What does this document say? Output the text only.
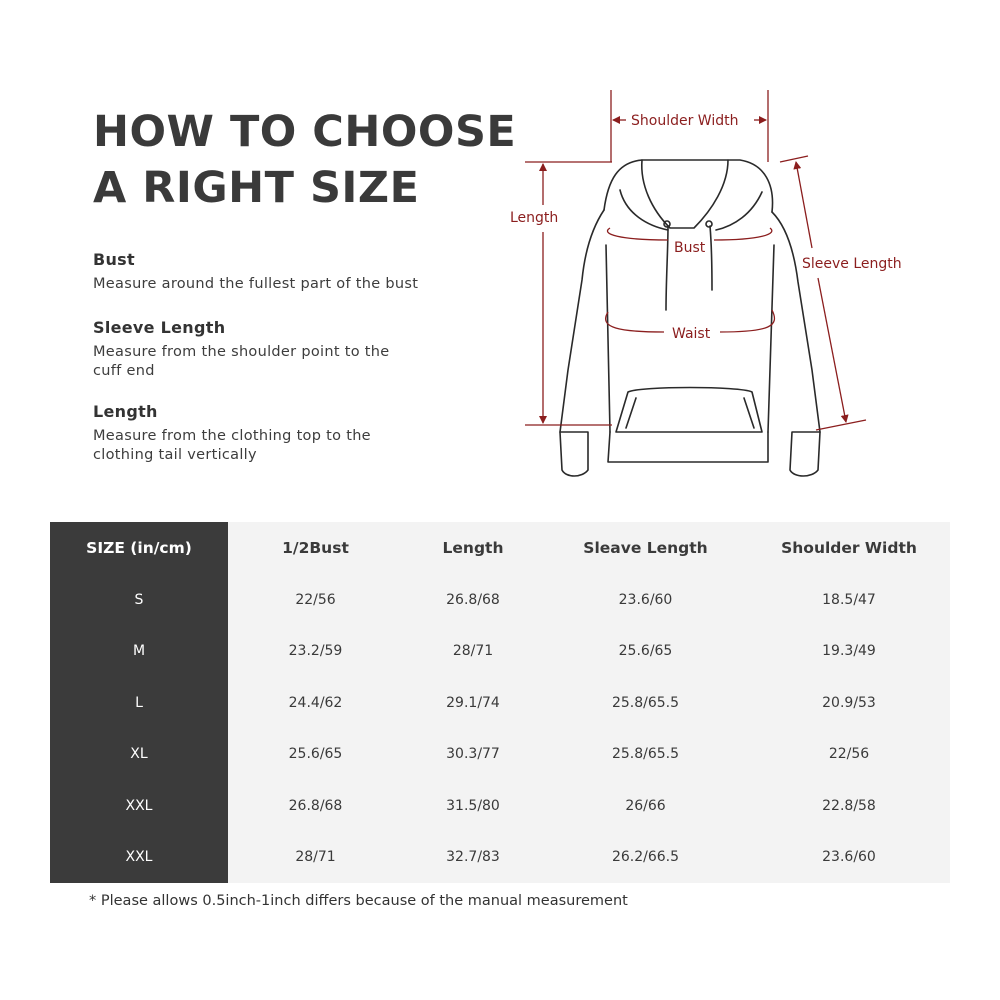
HOW TO CHOOSE
A RIGHT SIZE

Bust

Measure around the fullest part of the bust

Sleeve Length

Measure from the shoulder point to the cuff end

Length

Measure from the clothing top to the clothing tail vertically

Shoulder Width
Length
Bust
Sleeve Length
Waist
SIZE (in/cm)	1/2Bust	Length	Sleave Length	Shoulder Width
S	22/56	26.8/68	23.6/60	18.5/47
M	23.2/59	28/71	25.6/65	19.3/49
L	24.4/62	29.1/74	25.8/65.5	20.9/53
XL	25.6/65	30.3/77	25.8/65.5	22/56
XXL	26.8/68	31.5/80	26/66	22.8/58
XXL	28/71	32.7/83	26.2/66.5	23.6/60

* Please allows 0.5inch-1inch differs because of the manual measurement
